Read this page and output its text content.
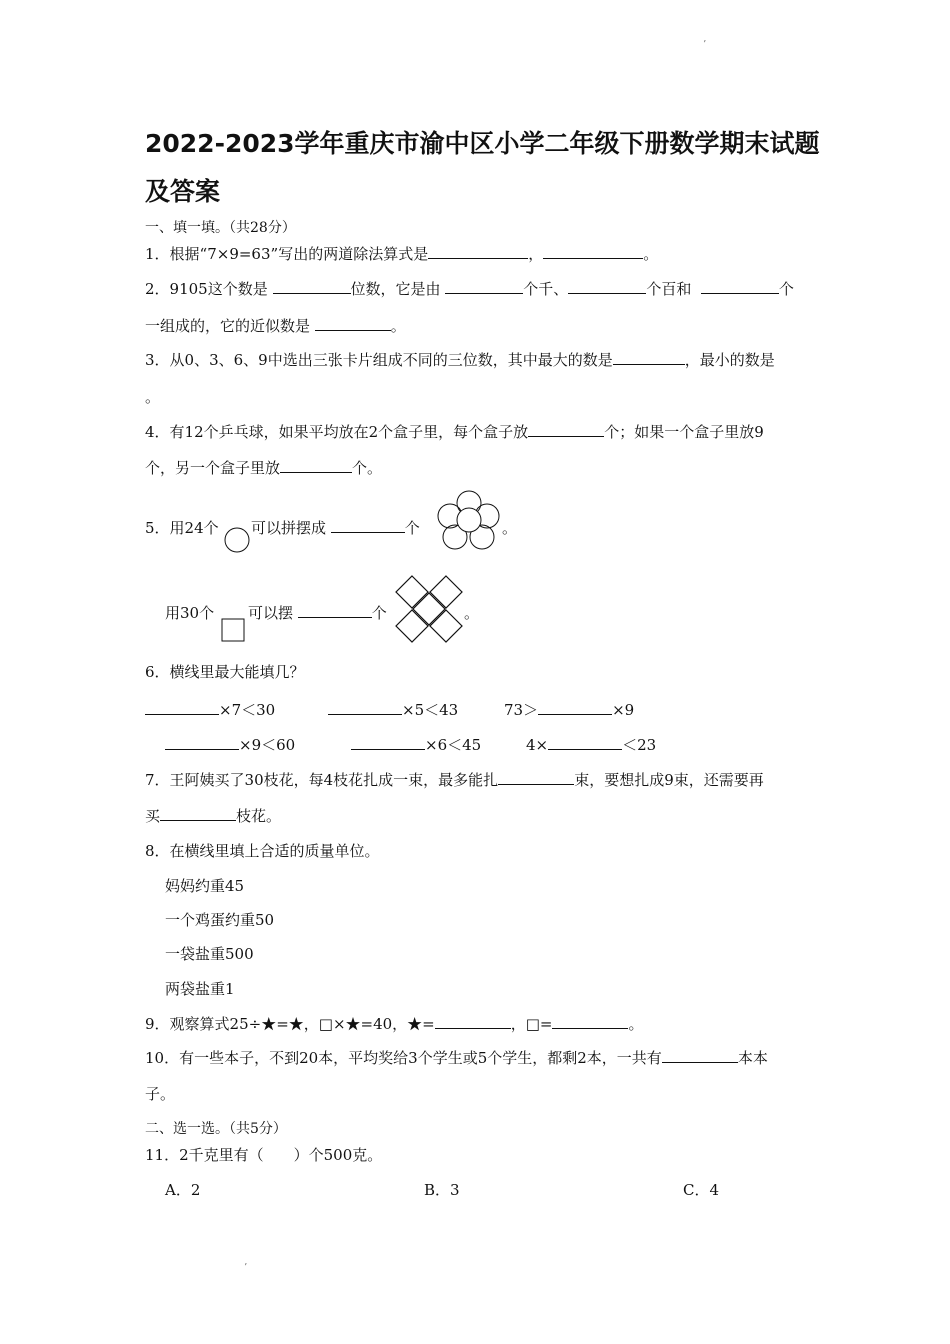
ʼ
2022-2023学年重庆市渝中区小学二年级下册数学期末试题
及答案
一、填一填。（共28分）
1．根据“7×9=63”写出的两道除法算式是	，	。
2．9105这个数是	位数，它是由	个千、	个百和	个
一组成的，它的近似数是	。
3．从0、3、6、9中选出三张卡片组成不同的三位数，其中最大的数是	，最小的数是
。
4．有12个乒乓球，如果平均放在2个盒子里，每个盒子放	个；如果一个盒子里放9
个，另一个盒子里放	个。
5．用24个 可以拼摆成	个	。
用30个 可以摆	个	。
6．横线里最大能填几？
×7＜30	×5＜43	73＞	×9
×9＜60	×6＜45	4×	＜23
7．王阿姨买了30枝花，每4枝花扎成一束，最多能扎	束，要想扎成9束，还需要再
买	枝花。
8．在横线里填上合适的质量单位。
妈妈约重45
一个鸡蛋约重50
一袋盐重500
两袋盐重1
9．观察算式25÷★=★，□×★=40，★=	，□=	。
10．有一些本子，不到20本，平均奖给3个学生或5个学生，都剩2本，一共有	本本
子。
二、选一选。（共5分）
11．2千克里有（　　）个500克。
A．2	B．3	C．4
ʼ
